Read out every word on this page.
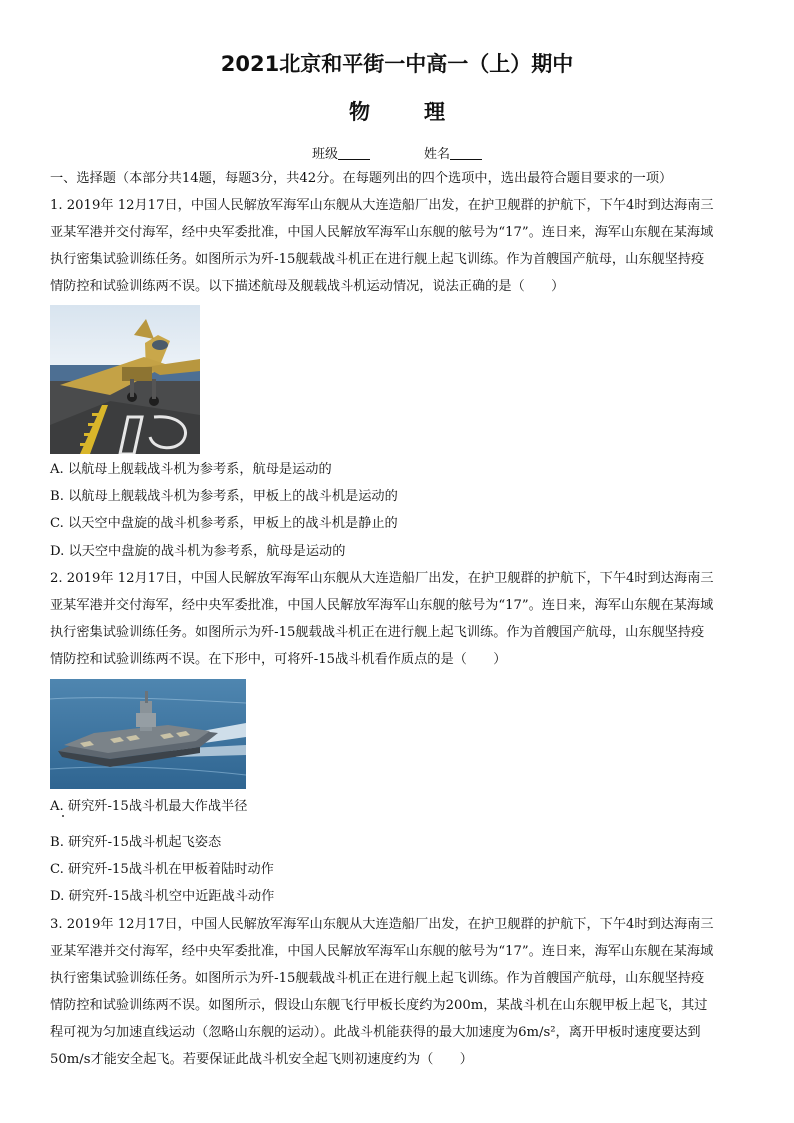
2021北京和平街一中高一（上）期中
物	理
班级	姓名
一、选择题（本部分共14题，每题3分，共42分。在每题列出的四个选项中，选出最符合题目要求的一项）
1. 2019年 12月17日，中国人民解放军海军山东舰从大连造船厂出发，在护卫舰群的护航下，下午4时到达海南三
亚某军港并交付海军，经中央军委批准，中国人民解放军海军山东舰的舷号为“17”。连日来，海军山东舰在某海域
执行密集试验训练任务。如图所示为歼-15舰载战斗机正在进行舰上起飞训练。作为首艘国产航母，山东舰坚持疫
情防控和试验训练两不误。以下描述航母及舰载战斗机运动情况，说法正确的是（　　）
A. 以航母上舰载战斗机为参考系，航母是运动的
B. 以航母上舰载战斗机为参考系，甲板上的战斗机是运动的
C. 以天空中盘旋的战斗机参考系，甲板上的战斗机是静止的
D. 以天空中盘旋的战斗机为参考系，航母是运动的
2. 2019年 12月17日，中国人民解放军海军山东舰从大连造船厂出发，在护卫舰群的护航下，下午4时到达海南三
亚某军港并交付海军，经中央军委批准，中国人民解放军海军山东舰的舷号为“17”。连日来，海军山东舰在某海域
执行密集试验训练任务。如图所示为歼-15舰载战斗机正在进行舰上起飞训练。作为首艘国产航母，山东舰坚持疫
情防控和试验训练两不误。在下形中，可将歼-15战斗机看作质点的是（　　）
A. 研究歼-15战斗机最大作战半径
B. 研究歼-15战斗机起飞姿态
C. 研究歼-15战斗机在甲板着陆时动作
D. 研究歼-15战斗机空中近距战斗动作
3. 2019年 12月17日，中国人民解放军海军山东舰从大连造船厂出发，在护卫舰群的护航下，下午4时到达海南三
亚某军港并交付海军，经中央军委批准，中国人民解放军海军山东舰的舷号为“17”。连日来，海军山东舰在某海域
执行密集试验训练任务。如图所示为歼-15舰载战斗机正在进行舰上起飞训练。作为首艘国产航母，山东舰坚持疫
情防控和试验训练两不误。如图所示，假设山东舰飞行甲板长度约为200m，某战斗机在山东舰甲板上起飞，其过
程可视为匀加速直线运动（忽略山东舰的运动）。此战斗机能获得的最大加速度为6m/s²，离开甲板时速度要达到
50m/s才能安全起飞。若要保证此战斗机安全起飞则初速度约为（　　）
